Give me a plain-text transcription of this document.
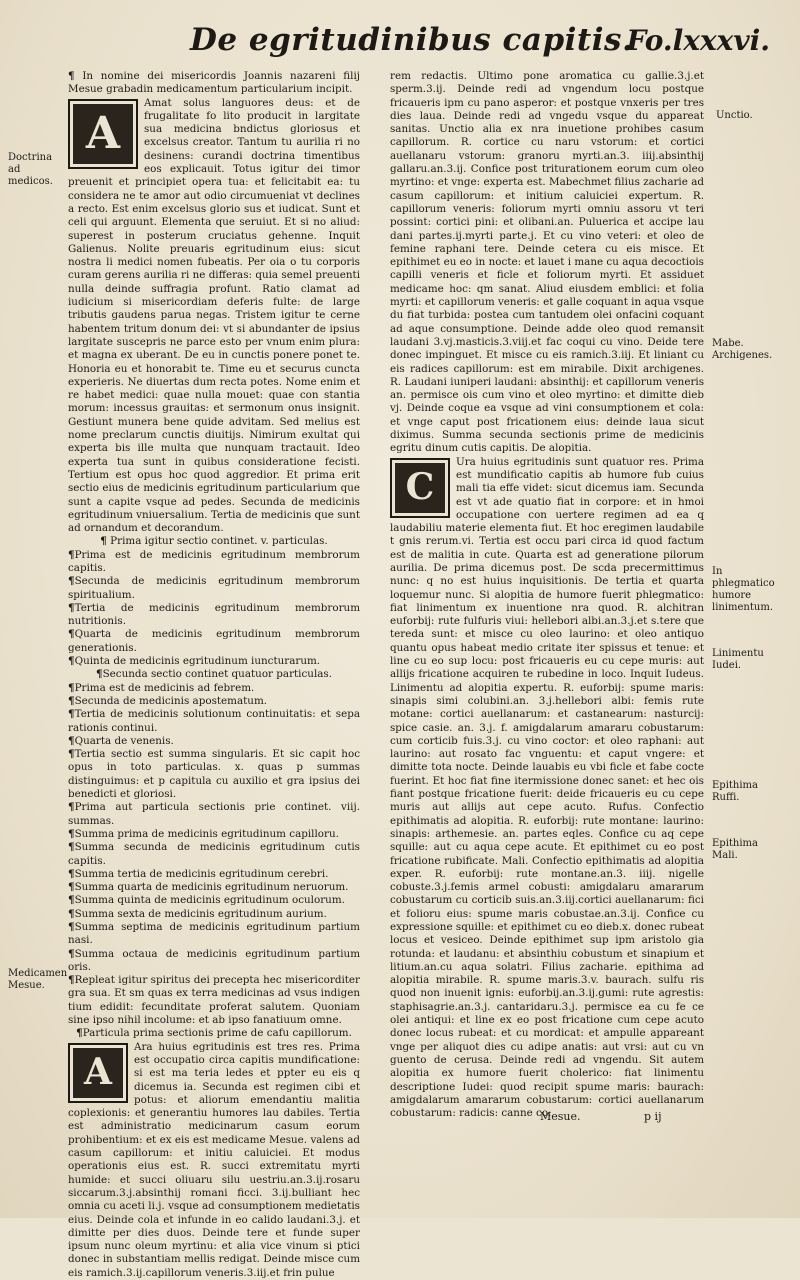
De egritudinibus capitis.
Fo.lxxxvi.
Doctrina ad medicos.
Medicamen Mesue.

¶ In nomine dei misericordis Joannis nazareni filij Mesue grabadin medicamentum particularium incipit.

A

Amat solus languores deus: et de frugalitate fo lito producit in largitate sua medicina bndictus gloriosus et excelsus creator. Tantum tu aurilia ri no desinens: curandi doctrina timentibus eos explicauit. Totus igitur dei timor preuenit et principiet opera tua: et felicitabit ea: tu considera ne te amor aut odio circumueniat vt declines a recto. Est enim excelsus glorio sus et iudicat. Sunt et celi qui arguunt. Elementa que seruiut. Et si no aliud: superest in posterum cruciatus gehenne. Inquit Galienus. Nolite preuaris egritudinum eius: sicut nostra li medici nomen fubeatis. Per oia o tu corporis curam gerens aurilia ri ne differas: quia semel preuenti nulla deinde suffragia profunt. Ratio clamat ad iudicium si misericordiam deferis fulte: de large tributis gaudens parua negas. Tristem igitur te cerne habentem tritum donum dei: vt si abundanter de ipsius largitate suscepris ne parce esto per vnum enim plura: et magna ex uberant. De eu in cunctis ponere ponet te. Honoria eu et honorabit te. Time eu et securus cuncta experieris. Ne diuertas dum recta potes. Nome enim et re habet medici: quae nulla mouet: quae con stantia morum: incessus grauitas: et sermonum onus insignit. Gestiunt munera bene quide advitam. Sed melius est nome preclarum cunctis diuitijs. Nimirum exultat qui experta bis ille multa que nunquam tractauit. Ideo experta tua sunt in quibus consideratione fecisti. Tertium est opus hoc quod aggredior. Et prima erit sectio eius de medicinis egritudinum particularium que sunt a capite vsque ad pedes. Secunda de medicinis egritudinum vniuersalium. Tertia de medicinis que sunt ad ornandum et decorandum.

¶ Prima igitur sectio continet. v. particulas.

¶Prima est de medicinis egritudinum membrorum capitis.

¶Secunda de medicinis egritudinum membrorum spiritualium.

¶Tertia de medicinis egritudinum membrorum nutritionis.

¶Quarta de medicinis egritudinum membrorum generationis.

¶Quinta de medicinis egritudinum iuncturarum.

¶Secunda sectio continet quatuor particulas.

¶Prima est de medicinis ad febrem.

¶Secunda de medicinis apostematum.

¶Tertia de medicinis solutionum continuitatis: et sepa rationis continui.

¶Quarta de venenis.

¶Tertia sectio est summa singularis. Et sic capit hoc opus in toto particulas. x. quas p summas distinguimus: et p capitula cu auxilio et gra ipsius dei benedicti et gloriosi.

¶Prima aut particula sectionis prie continet. viij. summas.

¶Summa prima de medicinis egritudinum capilloru.

¶Summa secunda de medicinis egritudinum cutis capitis.

¶Summa tertia de medicinis egritudinum cerebri.

¶Summa quarta de medicinis egritudinum neruorum.

¶Summa quinta de medicinis egritudinum oculorum.

¶Summa sexta de medicinis egritudinum aurium.

¶Summa septima de medicinis egritudinum partium nasi.

¶Summa octaua de medicinis egritudinum partium oris.

¶Repleat igitur spiritus dei precepta hec misericorditer gra sua. Et sm quas ex terra medicinas ad vsus indigen tium edidit: fecunditate proferat salutem. Quoniam sine ipso nihil incolume: et ab ipso fanatiuum omne.

¶Particula prima sectionis prime de cafu capillorum.

A

Ara huius egritudinis est tres res. Prima est occupatio circa capitis mundificatione: si est ma teria ledes et ppter eu eis q dicemus ia. Secunda est regimen cibi et potus: et aliorum emendantiu malitia coplexionis: et generantiu humores lau dabiles. Tertia est administratio medicinarum casum eorum prohibentium: et ex eis est medicame Mesue. valens ad casum capillorum: et initiu caluiciei. Et modus operationis eius est. R. succi extremitatu myrti humide: et succi oliuaru silu uestriu.an.3.ij.rosaru siccarum.3.j.absinthij romani ficci. 3.ij.bulliant hec omnia cu aceti li.j. vsque ad consumptionem medietatis eius. Deinde cola et infunde in eo calido laudani.3.j. et dimitte per dies duos. Deinde tere et funde super ipsum nunc oleum myrtinu: et alia vice vinum si ptici donec in substantiam mellis redigat. Deinde misce cum eis ramich.3.ij.capillorum veneris.3.iij.et frin pulue

Unctio.
Mabe. Archigenes.
In phlegmatico humore linimentum.
Linimentu Iudei.
Epithima Ruffi.
Epithima Mali.

rem redactis. Ultimo pone aromatica cu gallie.3.j.et sperm.3.ij. Deinde redi ad vngendum locu postque fricaueris ipm cu pano asperor: et postque vnxeris per tres dies laua. Deinde redi ad vngedu vsque du appareat sanitas. Unctio alia ex nra inuetione prohibes casum capillorum. R. cortice cu naru vstorum: et cortici auellanaru vstorum: granoru myrti.an.3. iiij.absinthij gallaru.an.3.ij. Confice post triturationem eorum cum oleo myrtino: et vnge: experta est. Mabechmet filius zacharie ad casum capillorum: et initium caluiciei expertum. R. capillorum veneris: foliorum myrti omniu assoru vt teri possint: cortici pini: et olibani.an. Puluerica et accipe lau dani partes.ij.myrti parte.j. Et cu vino veteri: et oleo de femine raphani tere. Deinde cetera cu eis misce. Et epithimet eu eo in nocte: et lauet i mane cu aqua decoctiois capilli veneris et ficle et foliorum myrti. Et assiduet medicame hoc: qm sanat. Aliud eiusdem emblici: et folia myrti: et capillorum veneris: et galle coquant in aqua vsque du fiat turbida: postea cum tantudem olei onfacini coquant ad aque consumptione. Deinde adde oleo quod remansit laudani 3.vj.masticis.3.viij.et fac coqui cu vino. Deide tere donec impinguet. Et misce cu eis ramich.3.iij. Et liniant cu eis radices capillorum: est em mirabile. Dixit archigenes. R. Laudani iuniperi laudani: absinthij: et capillorum veneris an. permisce ois cum vino et oleo myrtino: et dimitte dieb vj. Deinde coque ea vsque ad vini consumptionem et cola: et vnge caput post fricationem eius: deinde laua sicut diximus. Summa secunda sectionis prime de medicinis egritu dinum cutis capitis. De alopitia.

C

Ura huius egritudinis sunt quatuor res. Prima est mundificatio capitis ab humore fub cuius mali tia effe videt: sicut dicemus iam. Secunda est vt ade quatio fiat in corpore: et in hmoi occupatione con uertere regimen ad ea q laudabiliu materie elementa fiut. Et hoc eregimen laudabile t gnis rerum.vi. Tertia est occu pari circa id quod factum est de malitia in cute. Quarta est ad generatione pilorum aurilia. De prima dicemus post. De scda precermittimus nunc: q no est huius inquisitionis. De tertia et quarta loquemur nunc. Si alopitia de humore fuerit phlegmatico: fiat linimentum ex inuentione nra quod. R. alchitran euforbij: rute fulfuris viui: hellebori albi.an.3.j.et s.tere que tereda sunt: et misce cu oleo laurino: et oleo antiquo quantu opus habeat medio critate iter spissus et tenue: et line cu eo sup locu: post fricaueris eu cu cepe muris: aut allijs fricatione acquiren te rubedine in loco. Inquit Iudeus. Linimentu ad alopitia expertu. R. euforbij: spume maris: sinapis simi colubini.an. 3.j.hellebori albi: femis rute motane: cortici auellanarum: et castanearum: nasturcij: spice casie. an. 3.j. f. amigdalarum amararu cobustarum: cum corticib fuis.3.j. cu vino coctor: et oleo raphani: aut laurino: aut rosato fac vnguentu: et caput vngere: et dimitte tota nocte. Deinde lauabis eu vbi ficle et fabe cocte fuerint. Et hoc fiat fine itermissione donec sanet: et hec ois fiant postque fricatione fuerit: deide fricaueris eu cu cepe muris aut allijs aut cepe acuto. Rufus. Confectio epithimatis ad alopitia. R. euforbij: rute montane: laurino: sinapis: arthemesie. an. partes eqles. Confice cu aq cepe squille: aut cu aqua cepe acute. Et epithimet cu eo post fricatione rubificate. Mali. Confectio epithimatis ad alopitia exper. R. euforbij: rute montane.an.3. iiij. nigelle cobuste.3.j.femis armel cobusti: amigdalaru amararum cobustarum cu corticib suis.an.3.iij.cortici auellanarum: fici et folioru eius: spume maris cobustae.an.3.ij. Confice cu expressione squille: et epithimet cu eo dieb.x. donec rubeat locus et vesiceo. Deinde epithimet sup ipm aristolo gia rotunda: et laudanu: et absinthiu cobustum et sinapium et litium.an.cu aqua solatri. Filius zacharie. epithima ad alopitia mirabile. R. spume maris.3.v. baurach. sulfu ris quod non inuenit ignis: euforbij.an.3.ij.gumi: rute agrestis: staphisagrie.an.3.j. cantaridaru.3.j. permisce ea cu fe ce olei antiqui: et line ex eo post fricatione cum cepe acuto donec locus rubeat: et cu mordicat: et ampulle appareant vnge per aliquot dies cu adipe anatis: aut vrsi: aut cu vn guento de cerusa. Deinde redi ad vngendu. Sit autem alopitia ex humore fuerit cholerico: fiat linimentu descriptione Iudei: quod recipit spume maris: baurach: amigdalarum amararum cobustarum: cortici auellanarum cobustarum: radicis: canne co:

Mesue.	p ij
